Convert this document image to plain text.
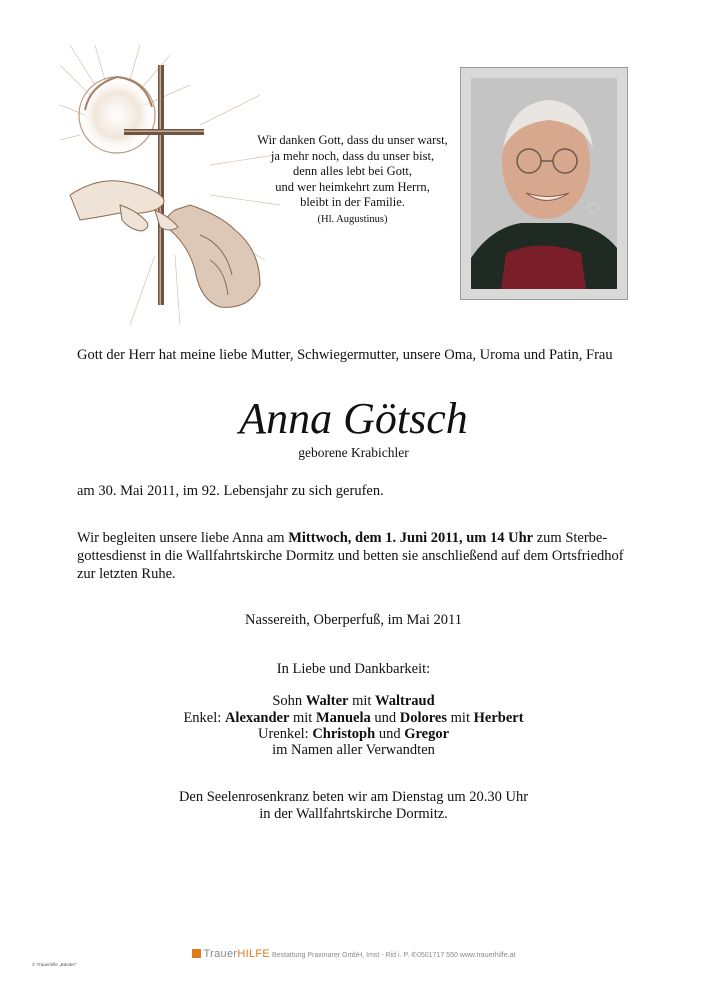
Wir danken Gott, dass du unser warst,
ja mehr noch, dass du unser bist,
denn alles lebt bei Gott,
und wer heimkehrt zum Herrn,
bleibt in der Familie.
(Hl. Augustinus)
Gott der Herr hat meine liebe Mutter, Schwiegermutter, unsere Oma, Uroma und Patin, Frau
Anna Götsch
geborene Krabichler
am 30. Mai 2011, im 92. Lebensjahr zu sich gerufen.
Wir begleiten unsere liebe Anna am Mittwoch, dem 1. Juni 2011, um 14 Uhr zum Sterbe-
gottesdienst in die Wallfahrtskirche Dormitz und betten sie anschließend auf dem Ortsfriedhof
zur letzten Ruhe.
Nassereith, Oberperfuß, im Mai 2011
In Liebe und Dankbarkeit:
Sohn Walter mit Waltraud
Enkel: Alexander mit Manuela und Dolores mit Herbert
Urenkel: Christoph und Gregor
im Namen aller Verwandten
Den Seelenrosenkranz beten wir am Dienstag um 20.30 Uhr
in der Wallfahrtskirche Dormitz.
TrauerHILFE Bestattung Praxmarer GmbH, Imst - Rid i. P. ✆0501717 550 www.trauerhilfe.at
© Trauerhilfe „Bänder“
